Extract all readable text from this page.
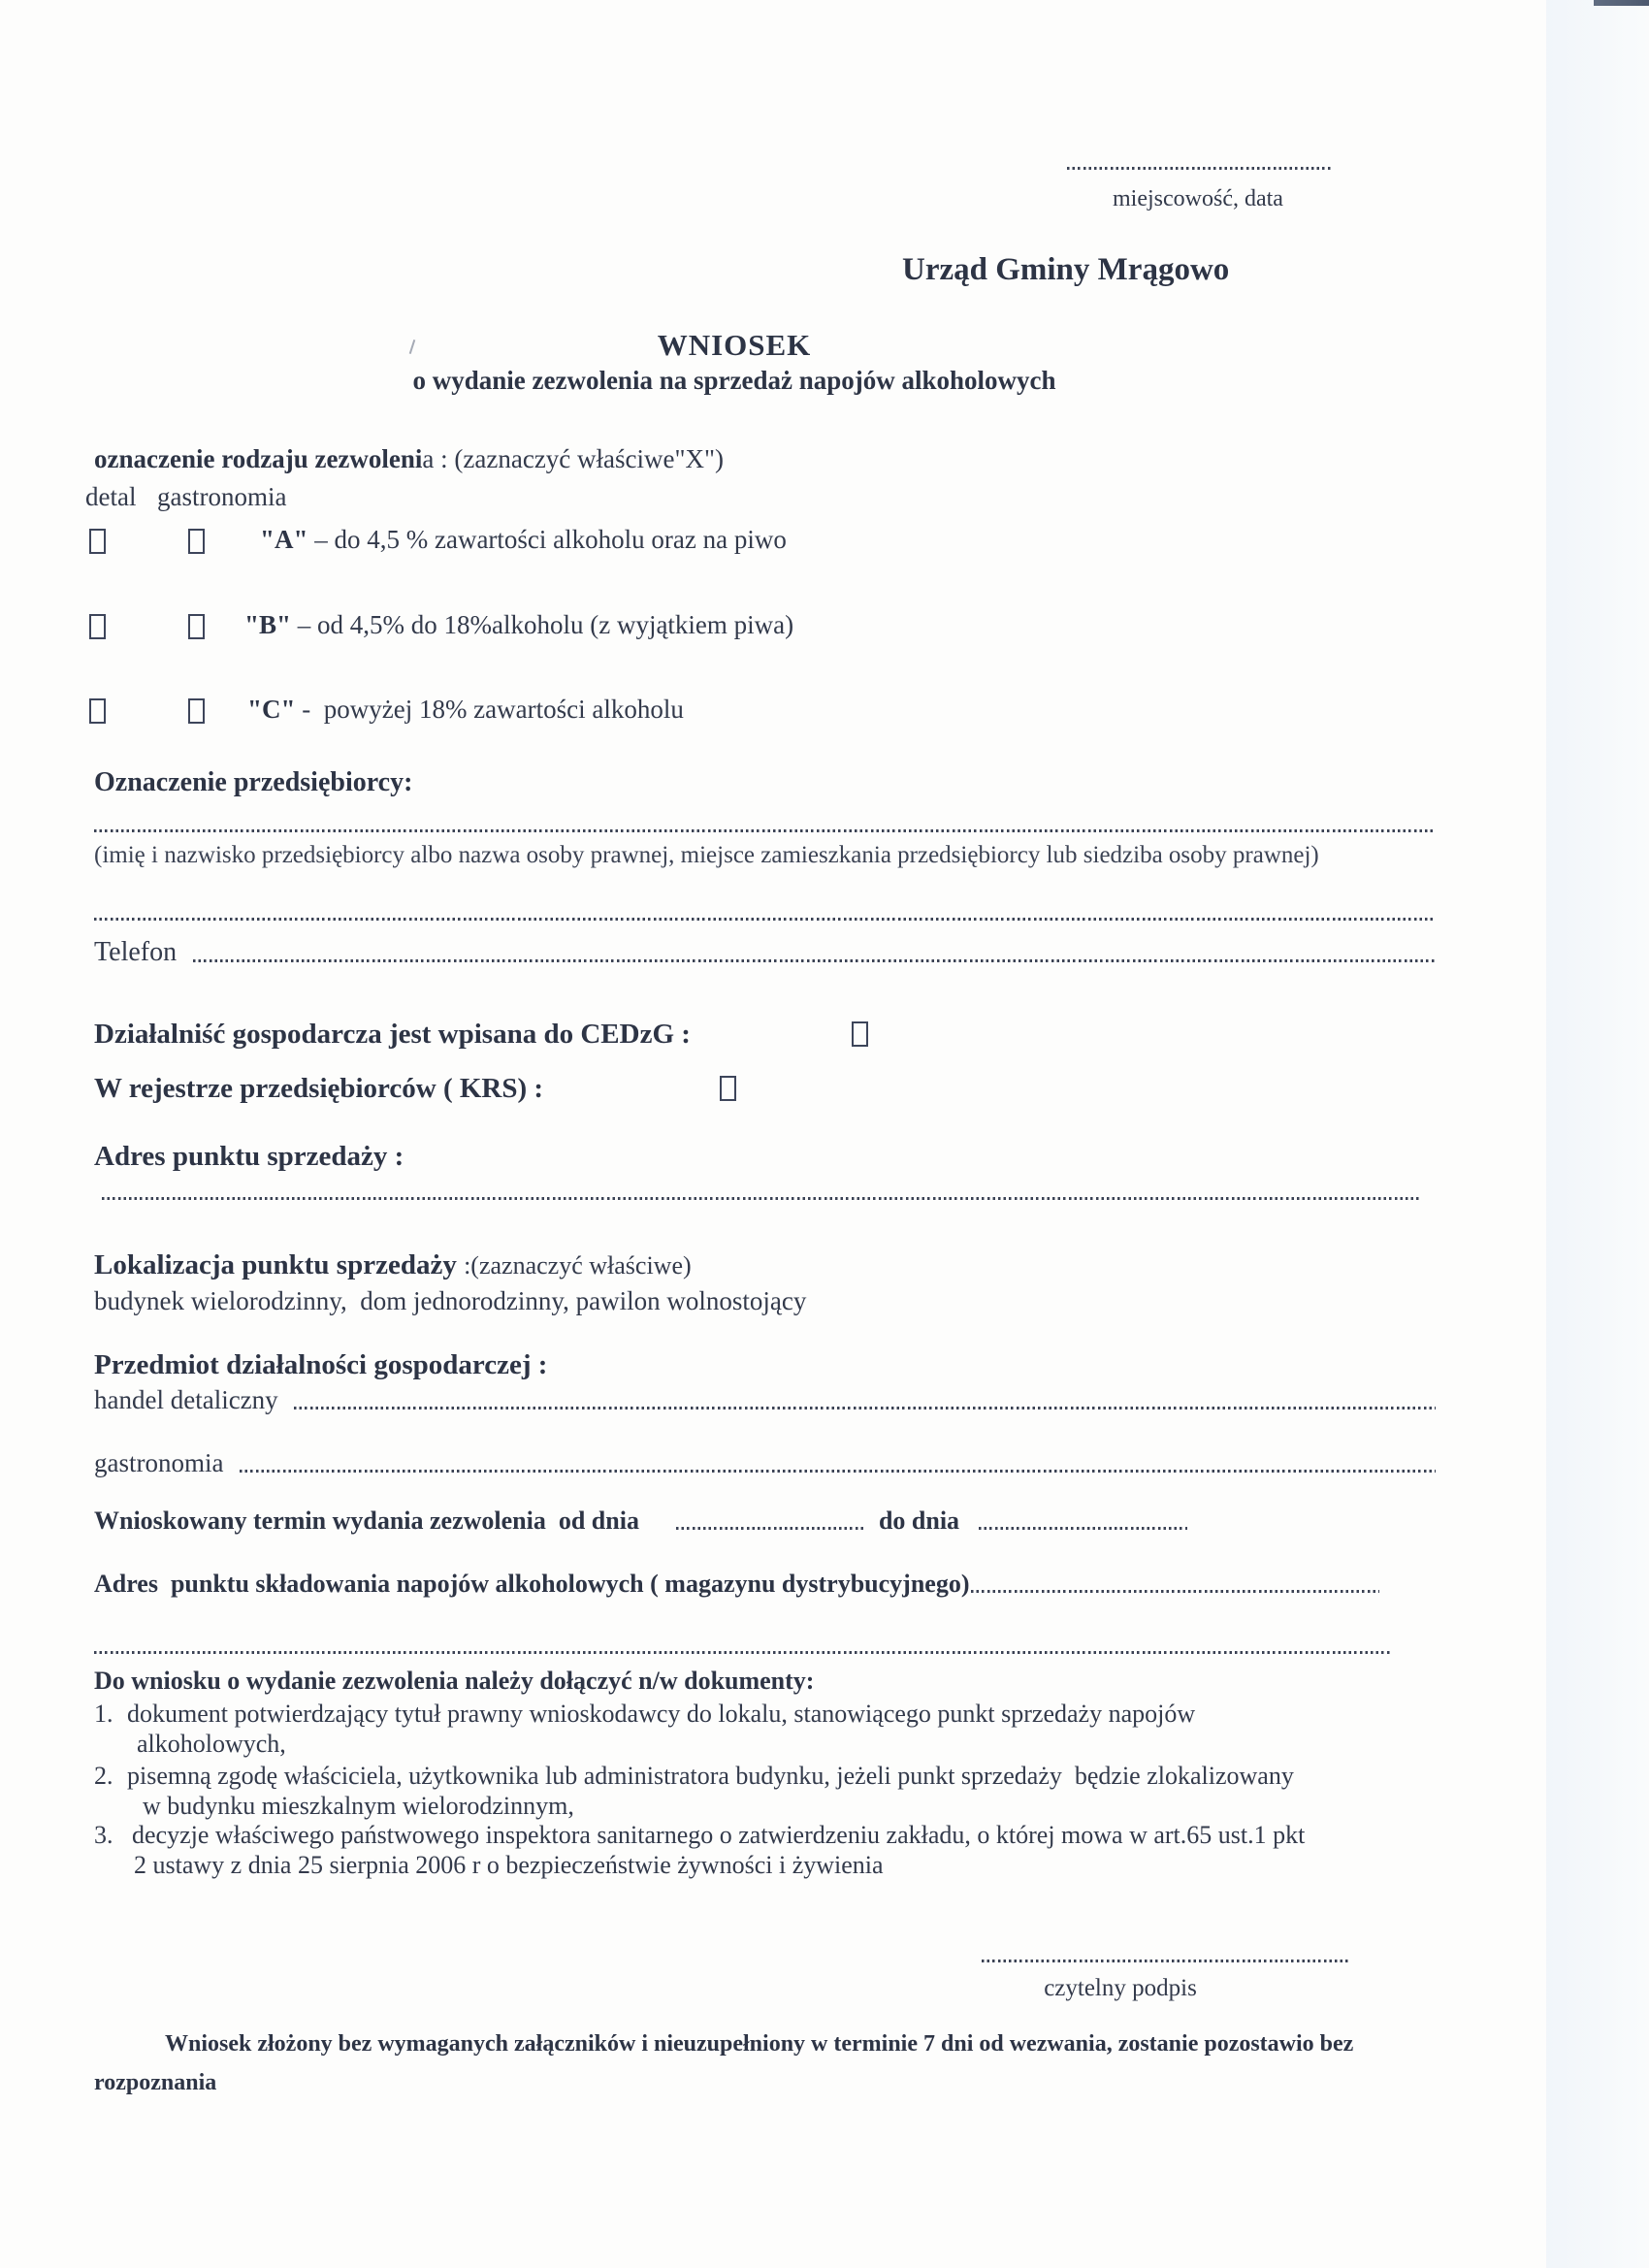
miejscowość, data
Urząd Gminy Mrągowo
WNIOSEK
o wydanie zezwolenia na sprzedaż napojów alkoholowych
oznaczenie rodzaju zezwolenia : (zaznaczyć właściwe"X")
detal gastronomia
"A" – do 4,5 % zawartości alkoholu oraz na piwo
"B" – od 4,5% do 18%alkoholu (z wyjątkiem piwa)
"C" -  powyżej 18% zawartości alkoholu
Oznaczenie przedsiębiorcy:
(imię i nazwisko przedsiębiorcy albo nazwa osoby prawnej, miejsce zamieszkania przedsiębiorcy lub siedziba osoby prawnej)
Telefon
Działalniść gospodarcza jest wpisana do CEDzG :
W rejestrze przedsiębiorców ( KRS) :
Adres punktu sprzedaży :
Lokalizacja punktu sprzedaży :(zaznaczyć właściwe)
budynek wielorodzinny,  dom jednorodzinny, pawilon wolnostojący
Przedmiot działalności gospodarczej :
handel detaliczny
gastronomia
Wnioskowany termin wydania zezwolenia  od dnia	do dnia
Adres  punktu składowania napojów alkoholowych ( magazynu dystrybucyjnego)
Do wniosku o wydanie zezwolenia należy dołączyć n/w dokumenty:
1. dokument potwierdzający tytuł prawny wnioskodawcy do lokalu, stanowiącego punkt sprzedaży napojów
alkoholowych,
2. pisemną zgodę właściciela, użytkownika lub administratora budynku, jeżeli punkt sprzedaży  będzie zlokalizowany
w budynku mieszkalnym wielorodzinnym,
3. decyzje właściwego państwowego inspektora sanitarnego o zatwierdzeniu zakładu, o której mowa w art.65 ust.1 pkt
2 ustawy z dnia 25 sierpnia 2006 r o bezpieczeństwie żywności i żywienia
czytelny podpis
Wniosek złożony bez wymaganych załączników i nieuzupełniony w terminie 7 dni od wezwania, zostanie pozostawio bez
rozpoznania
